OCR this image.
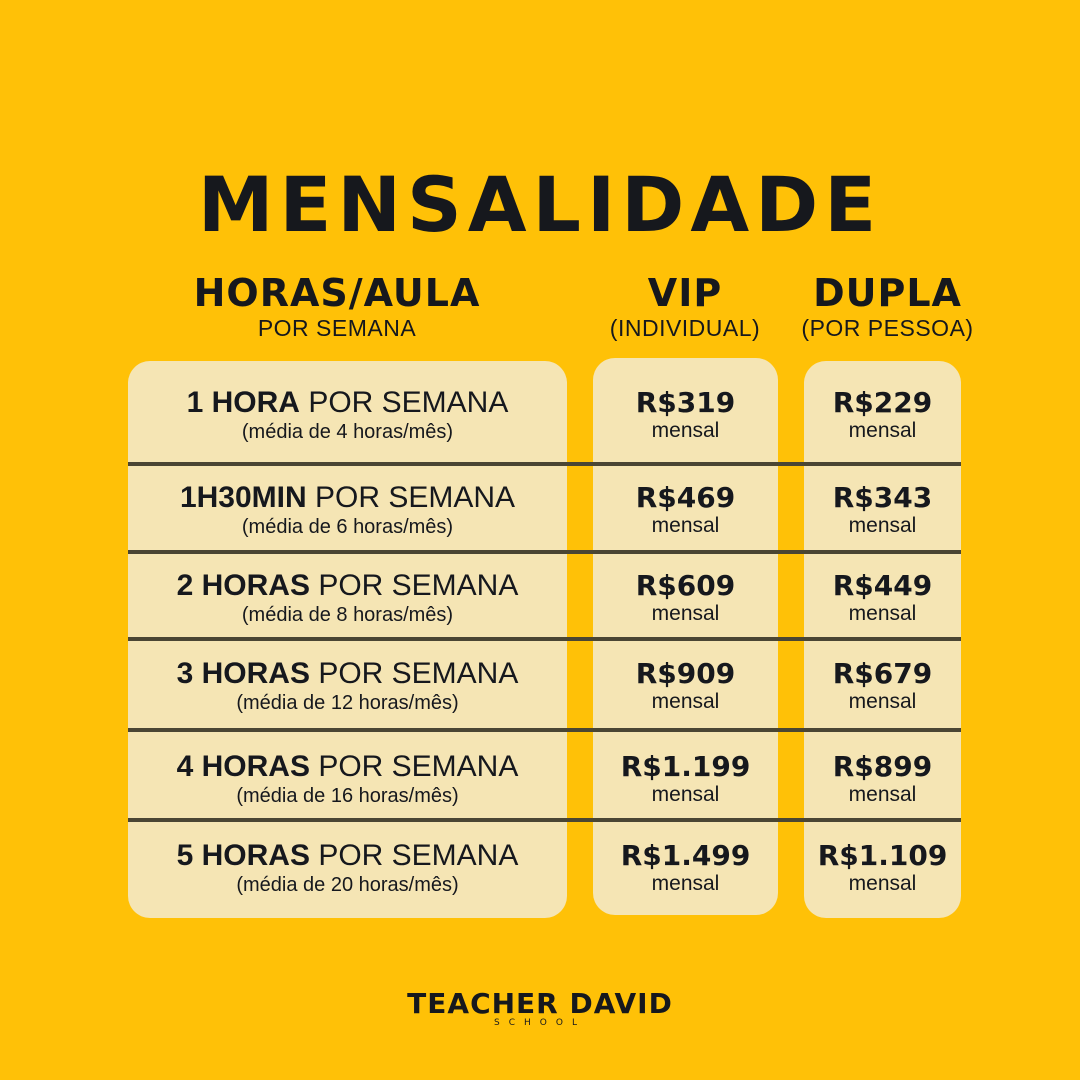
MENSALIDADE
HORAS/AULA
POR SEMANA
VIP
(INDIVIDUAL)
DUPLA
(POR PESSOA)
1 HORA POR SEMANA
(média de 4 horas/mês)
R$319
mensal
R$229
mensal
1H30MIN POR SEMANA
(média de 6 horas/mês)
R$469
mensal
R$343
mensal
2 HORAS POR SEMANA
(média de 8 horas/mês)
R$609
mensal
R$449
mensal
3 HORAS POR SEMANA
(média de 12 horas/mês)
R$909
mensal
R$679
mensal
4 HORAS POR SEMANA
(média de 16 horas/mês)
R$1.199
mensal
R$899
mensal
5 HORAS POR SEMANA
(média de 20 horas/mês)
R$1.499
mensal
R$1.109
mensal
TEACHER DAVID
SCHOOL
